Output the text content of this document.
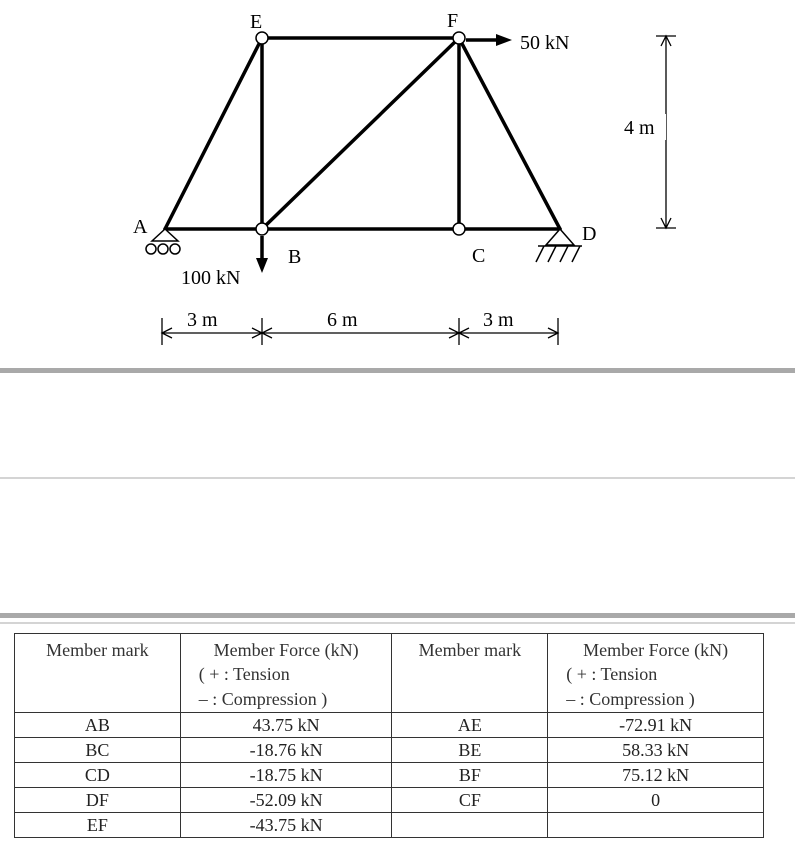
E	F
A
B	C
D
50 kN
100 kN
4 m
3 m	6 m	3 m
Member mark	Member Force (kN)
( + : Tension
– : Compression )	Member mark	Member Force (kN)
( + : Tension
– : Compression )

AB	43.75 kN	AE	-72.91 kN
BC	-18.76 kN	BE	58.33 kN
CD	-18.75 kN	BF	75.12 kN
DF	-52.09 kN	CF	0
EF	-43.75 kN		
